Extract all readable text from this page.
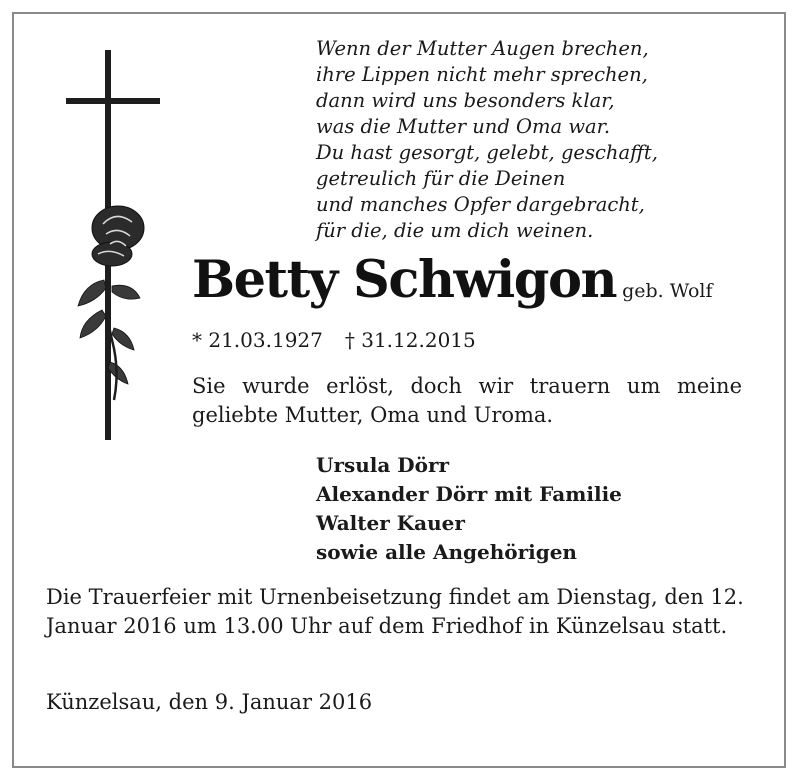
Wenn der Mutter Augen brechen,
ihre Lippen nicht mehr sprechen,
dann wird uns besonders klar,
was die Mutter und Oma war.
Du hast gesorgt, gelebt, geschafft,
getreulich für die Deinen
und manches Opfer dargebracht,
für die, die um dich weinen.
Betty Schwigon geb. Wolf
* 21.03.1927 † 31.12.2015
Sie wurde erlöst, doch wir trauern um meine geliebte Mutter, Oma und Uroma.
Ursula Dörr
Alexander Dörr mit Familie
Walter Kauer
sowie alle Angehörigen
Die Trauerfeier mit Urnenbeisetzung findet am Dienstag, den 12. Januar 2016 um 13.00 Uhr auf dem Friedhof in Künzelsau statt.
Künzelsau, den 9. Januar 2016
